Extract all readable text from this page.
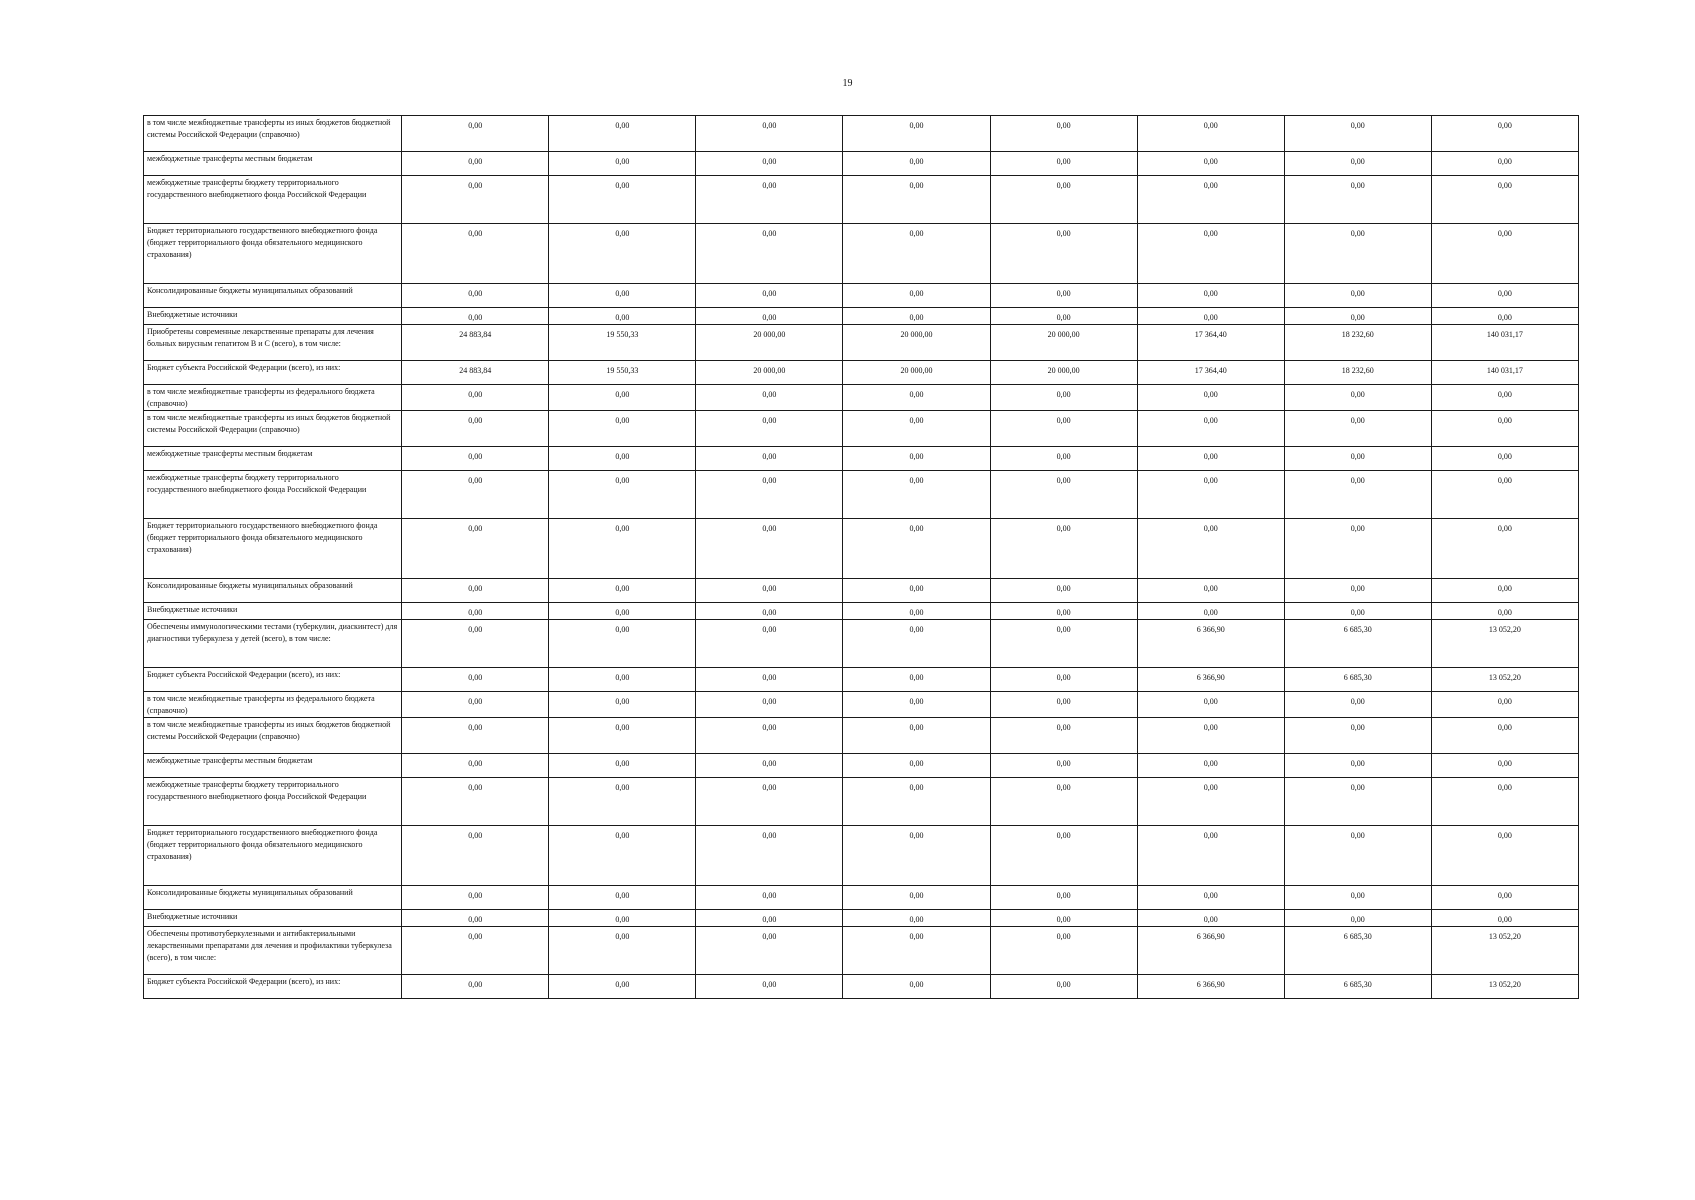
19
в том числе межбюджетные трансферты из иных бюджетов бюджетной системы Российской Федерации (справочно)	0,00	0,00	0,00	0,00	0,00	0,00	0,00	0,00
межбюджетные трансферты местным бюджетам	0,00	0,00	0,00	0,00	0,00	0,00	0,00	0,00
межбюджетные трансферты бюджету территориального государственного внебюджетного фонда Российской Федерации	0,00	0,00	0,00	0,00	0,00	0,00	0,00	0,00
Бюджет территориального государственного внебюджетного фонда (бюджет территориального фонда обязательного медицинского страхования)	0,00	0,00	0,00	0,00	0,00	0,00	0,00	0,00
Консолидированные бюджеты муниципальных образований	0,00	0,00	0,00	0,00	0,00	0,00	0,00	0,00
Внебюджетные источники	0,00	0,00	0,00	0,00	0,00	0,00	0,00	0,00
Приобретены современные лекарственные препараты для лечения больных вирусным гепатитом В и С (всего), в том числе:	24 883,84	19 550,33	20 000,00	20 000,00	20 000,00	17 364,40	18 232,60	140 031,17
Бюджет субъекта Российской Федерации (всего), из них:	24 883,84	19 550,33	20 000,00	20 000,00	20 000,00	17 364,40	18 232,60	140 031,17
в том числе межбюджетные трансферты из федерального бюджета (справочно)	0,00	0,00	0,00	0,00	0,00	0,00	0,00	0,00
в том числе межбюджетные трансферты из иных бюджетов бюджетной системы Российской Федерации (справочно)	0,00	0,00	0,00	0,00	0,00	0,00	0,00	0,00
межбюджетные трансферты местным бюджетам	0,00	0,00	0,00	0,00	0,00	0,00	0,00	0,00
межбюджетные трансферты бюджету территориального государственного внебюджетного фонда Российской Федерации	0,00	0,00	0,00	0,00	0,00	0,00	0,00	0,00
Бюджет территориального государственного внебюджетного фонда (бюджет территориального фонда обязательного медицинского страхования)	0,00	0,00	0,00	0,00	0,00	0,00	0,00	0,00
Консолидированные бюджеты муниципальных образований	0,00	0,00	0,00	0,00	0,00	0,00	0,00	0,00
Внебюджетные источники	0,00	0,00	0,00	0,00	0,00	0,00	0,00	0,00
Обеспечены иммунологическими тестами (туберкулин, диаскинтест) для диагностики туберкулеза у детей (всего), в том числе:	0,00	0,00	0,00	0,00	0,00	6 366,90	6 685,30	13 052,20
Бюджет субъекта Российской Федерации (всего), из них:	0,00	0,00	0,00	0,00	0,00	6 366,90	6 685,30	13 052,20
в том числе межбюджетные трансферты из федерального бюджета (справочно)	0,00	0,00	0,00	0,00	0,00	0,00	0,00	0,00
в том числе межбюджетные трансферты из иных бюджетов бюджетной системы Российской Федерации (справочно)	0,00	0,00	0,00	0,00	0,00	0,00	0,00	0,00
межбюджетные трансферты местным бюджетам	0,00	0,00	0,00	0,00	0,00	0,00	0,00	0,00
межбюджетные трансферты бюджету территориального государственного внебюджетного фонда Российской Федерации	0,00	0,00	0,00	0,00	0,00	0,00	0,00	0,00
Бюджет территориального государственного внебюджетного фонда (бюджет территориального фонда обязательного медицинского страхования)	0,00	0,00	0,00	0,00	0,00	0,00	0,00	0,00
Консолидированные бюджеты муниципальных образований	0,00	0,00	0,00	0,00	0,00	0,00	0,00	0,00
Внебюджетные источники	0,00	0,00	0,00	0,00	0,00	0,00	0,00	0,00
Обеспечены противотуберкулезными и антибактериальными лекарственными препаратами для лечения и профилактики туберкулеза (всего), в том числе:	0,00	0,00	0,00	0,00	0,00	6 366,90	6 685,30	13 052,20
Бюджет субъекта Российской Федерации (всего), из них:	0,00	0,00	0,00	0,00	0,00	6 366,90	6 685,30	13 052,20
